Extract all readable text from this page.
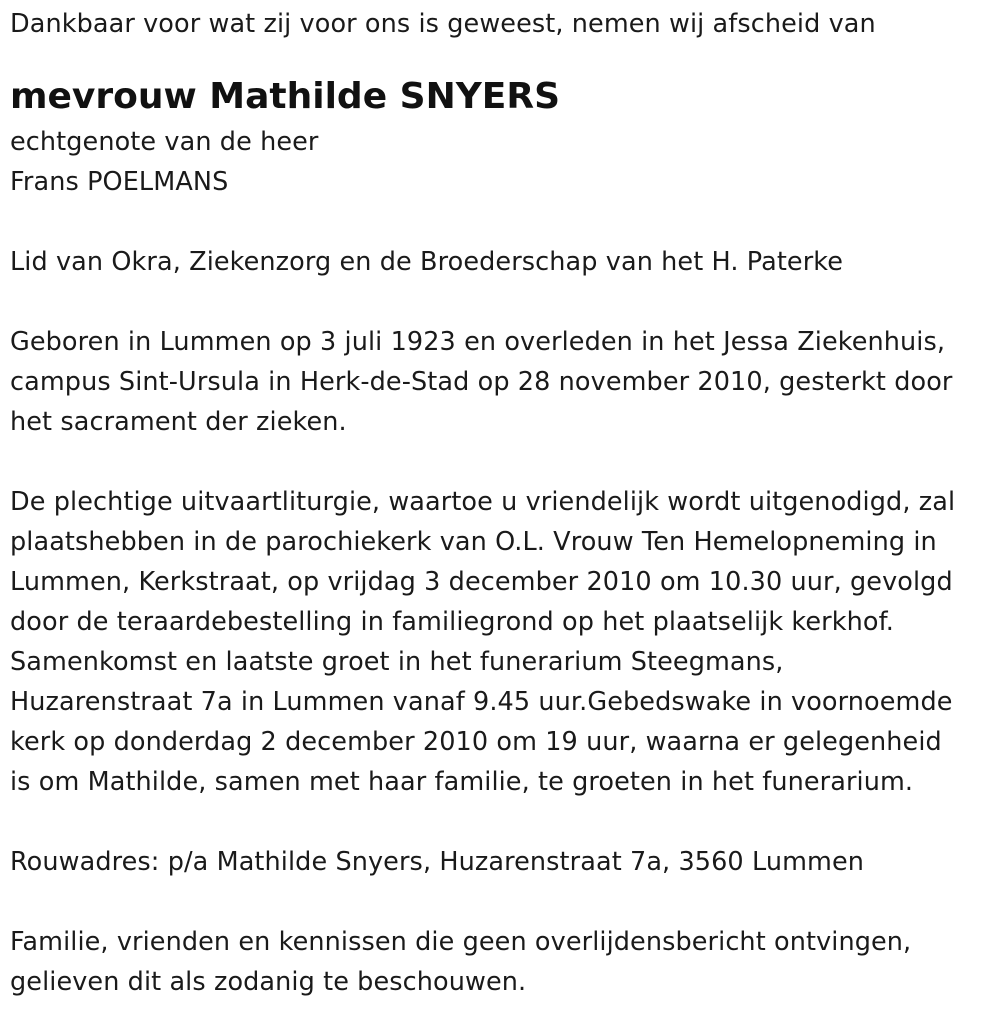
Dankbaar voor wat zij voor ons is geweest, nemen wij afscheid van
mevrouw Mathilde SNYERS
echtgenote van de heer
Frans POELMANS
Lid van Okra, Ziekenzorg en de Broederschap van het H. Paterke
Geboren in Lummen op 3 juli 1923 en overleden in het Jessa Ziekenhuis,
campus Sint-Ursula in Herk-de-Stad op 28 november 2010, gesterkt door
het sacrament der zieken.
De plechtige uitvaartliturgie, waartoe u vriendelijk wordt uitgenodigd, zal
plaatshebben in de parochiekerk van O.L. Vrouw Ten Hemelopneming in
Lummen, Kerkstraat, op vrijdag 3 december 2010 om 10.30 uur, gevolgd
door de teraardebestelling in familiegrond op het plaatselijk kerkhof.
Samenkomst en laatste groet in het funerarium Steegmans,
Huzarenstraat 7a in Lummen vanaf 9.45 uur.Gebedswake in voornoemde
kerk op donderdag 2 december 2010 om 19 uur, waarna er gelegenheid
is om Mathilde, samen met haar familie, te groeten in het funerarium.
Rouwadres: p/a Mathilde Snyers, Huzarenstraat 7a, 3560 Lummen
Familie, vrienden en kennissen die geen overlijdensbericht ontvingen,
gelieven dit als zodanig te beschouwen.
